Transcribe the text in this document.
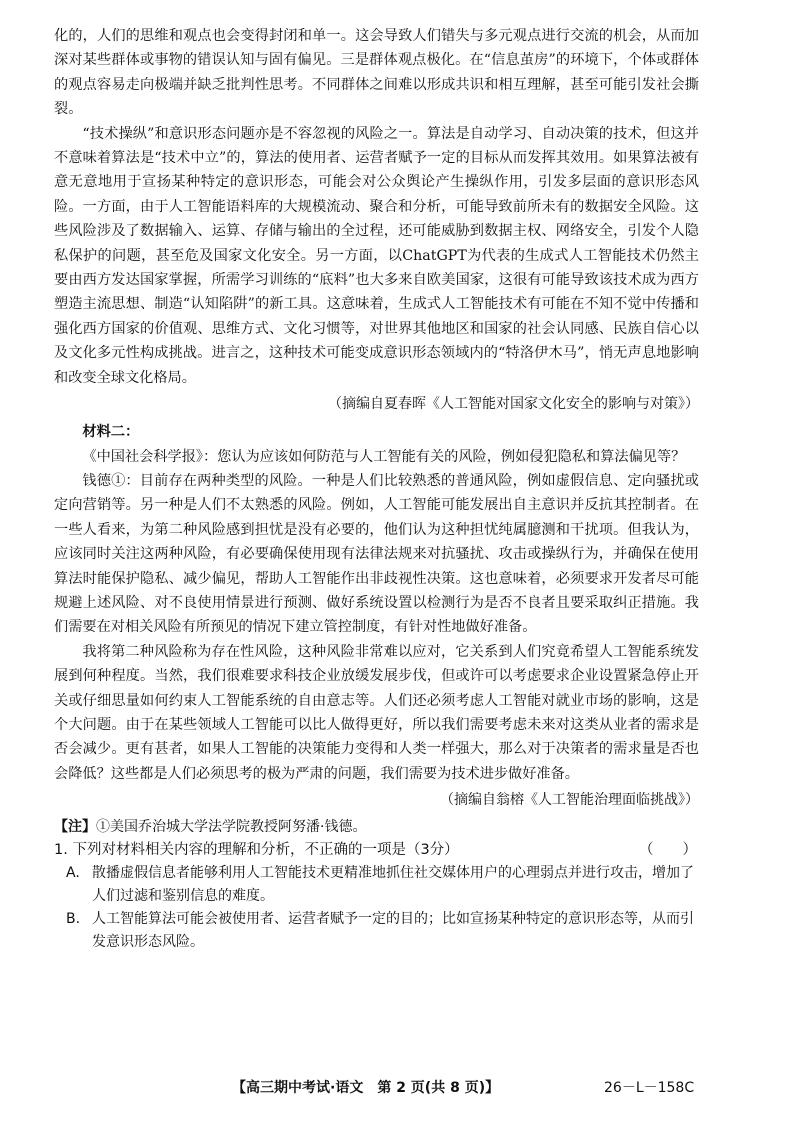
化的，人们的思维和观点也会变得封闭和单一。这会导致人们错失与多元观点进行交流的机会，从而加深对某些群体或事物的错误认知与固有偏见。三是群体观点极化。在“信息茧房”的环境下，个体或群体的观点容易走向极端并缺乏批判性思考。不同群体之间难以形成共识和相互理解，甚至可能引发社会撕裂。

“技术操纵”和意识形态问题亦是不容忽视的风险之一。算法是自动学习、自动决策的技术，但这并不意味着算法是“技术中立”的，算法的使用者、运营者赋予一定的目标从而发挥其效用。如果算法被有意无意地用于宣扬某种特定的意识形态，可能会对公众舆论产生操纵作用，引发多层面的意识形态风险。一方面，由于人工智能语料库的大规模流动、聚合和分析，可能导致前所未有的数据安全风险。这些风险涉及了数据输入、运算、存储与输出的全过程，还可能威胁到数据主权、网络安全，引发个人隐私保护的问题，甚至危及国家文化安全。另一方面，以ChatGPT为代表的生成式人工智能技术仍然主要由西方发达国家掌握，所需学习训练的“底料”也大多来自欧美国家，这很有可能导致该技术成为西方塑造主流思想、制造“认知陷阱”的新工具。这意味着，生成式人工智能技术有可能在不知不觉中传播和强化西方国家的价值观、思维方式、文化习惯等，对世界其他地区和国家的社会认同感、民族自信心以及文化多元性构成挑战。进言之，这种技术可能变成意识形态领域内的“特洛伊木马”，悄无声息地影响和改变全球文化格局。

（摘编自夏春晖《人工智能对国家文化安全的影响与对策》）

材料二：

《中国社会科学报》：您认为应该如何防范与人工智能有关的风险，例如侵犯隐私和算法偏见等？

钱德①：目前存在两种类型的风险。一种是人们比较熟悉的普通风险，例如虚假信息、定向骚扰或定向营销等。另一种是人们不太熟悉的风险。例如，人工智能可能发展出自主意识并反抗其控制者。在一些人看来，为第二种风险感到担忧是没有必要的，他们认为这种担忧纯属臆测和干扰项。但我认为，应该同时关注这两种风险，有必要确保使用现有法律法规来对抗骚扰、攻击或操纵行为，并确保在使用算法时能保护隐私、减少偏见，帮助人工智能作出非歧视性决策。这也意味着，必须要求开发者尽可能规避上述风险、对不良使用情景进行预测、做好系统设置以检测行为是否不良者且要采取纠正措施。我们需要在对相关风险有所预见的情况下建立管控制度，有针对性地做好准备。

我将第二种风险称为存在性风险，这种风险非常难以应对，它关系到人们究竟希望人工智能系统发展到何种程度。当然，我们很难要求科技企业放缓发展步伐，但或许可以考虑要求企业设置紧急停止开关或仔细思量如何约束人工智能系统的自由意志等。人们还必须考虑人工智能对就业市场的影响，这是个大问题。由于在某些领域人工智能可以比人做得更好，所以我们需要考虑未来对这类从业者的需求是否会减少。更有甚者，如果人工智能的决策能力变得和人类一样强大，那么对于决策者的需求量是否也会降低？这些都是人们必须思考的极为严肃的问题，我们需要为技术进步做好准备。

（摘编自翁榕《人工智能治理面临挑战》）

【注】①美国乔治城大学法学院教授阿努潘·钱德。

1. 下列对材料相关内容的理解和分析，不正确的一项是（3分）	（　　）
A. 散播虚假信息者能够利用人工智能技术更精准地抓住社交媒体用户的心理弱点并进行攻击，增加了人们过滤和鉴别信息的难度。
B. 人工智能算法可能会被使用者、运营者赋予一定的目的；比如宣扬某种特定的意识形态等，从而引发意识形态风险。
【高三期中考试·语文　第 2 页(共 8 页)】	26－L－158C
